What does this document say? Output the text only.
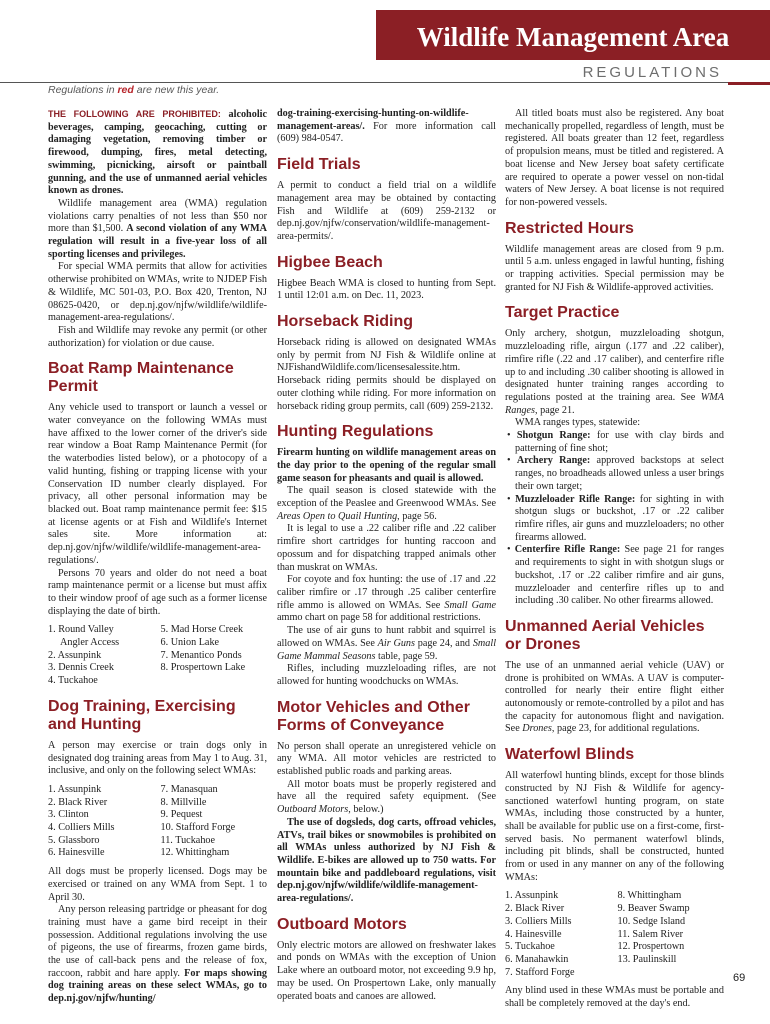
Wildlife Management Area
REGULATIONS
Regulations in red are new this year.

THE FOLLOWING ARE PROHIBITED: alcoholic beverages, camping, geocaching, cutting or damaging vegetation, removing timber or firewood, dumping, fires, metal detecting, swimming, picnicking, airsoft or paintball gunning, and the use of unmanned aerial vehicles known as drones.

Wildlife management area (WMA) regulation violations carry penalties of not less than $50 nor more than $1,500. A second violation of any WMA regulation will result in a five-year loss of all sporting licenses and privileges.

For special WMA permits that allow for activities otherwise prohibited on WMAs, write to NJDEP Fish & Wildlife, MC 501-03, P.O. Box 420, Trenton, NJ 08625-0420, or dep.nj.gov/njfw/wildlife/wildlife-management-area-regulations/.

Fish and Wildlife may revoke any permit (or other authorization) for violation or due cause.

Boat Ramp Maintenance Permit

Any vehicle used to transport or launch a vessel or water conveyance on the following WMAs must have affixed to the lower corner of the driver's side rear window a Boat Ramp Maintenance Permit (for the waterbodies listed below), or a photocopy of a valid hunting, fishing or trapping license with your Conservation ID number clearly displayed. For privacy, all other personal information may be blacked out. Boat ramp maintenance permit fee: $15 at license agents or at Fish and Wildlife's Internet sales site. More information at: dep.nj.gov/njfw/wildlife/wildlife-management-area-regulations/.

Persons 70 years and older do not need a boat ramp maintenance permit or a license but must affix to their window proof of age such as a former license displaying the date of birth.

1. Round Valley
Angler Access
2. Assunpink
3. Dennis Creek
4. Tuckahoe
5. Mad Horse Creek
6. Union Lake
7. Menantico Ponds
8. Prospertown Lake
Dog Training, Exercising and Hunting

A person may exercise or train dogs only in designated dog training areas from May 1 to Aug. 31, inclusive, and only on the following select WMAs:

1. Assunpink
2. Black River
3. Clinton
4. Colliers Mills
5. Glassboro
6. Hainesville
7. Manasquan
8. Millville
9. Pequest
10. Stafford Forge
11. Tuckahoe
12. Whittingham

All dogs must be properly licensed. Dogs may be exercised or trained on any WMA from Sept. 1 to April 30.

Any person releasing partridge or pheasant for dog training must have a game bird receipt in their possession. Additional regulations involving the use of pigeons, the use of firearms, frozen game birds, the use of call-back pens and the release of fox, raccoon, rabbit and hare apply. For maps showing dog training areas on these select WMAs, go to dep.nj.gov/njfw/hunting/

dog-training-exercising-hunting-on-wildlife-management-areas/. For more information call (609) 984-0547.

Field Trials

A permit to conduct a field trial on a wildlife management area may be obtained by contacting Fish and Wildlife at (609) 259-2132 or dep.nj.gov/njfw/conservation/wildlife-management-area-permits/.

Higbee Beach

Higbee Beach WMA is closed to hunting from Sept. 1 until 12:01 a.m. on Dec. 11, 2023.

Horseback Riding

Horseback riding is allowed on designated WMAs only by permit from NJ Fish & Wildlife online at NJFishandWildlife.com/licensesalessite.htm. Horseback riding permits should be displayed on outer clothing while riding. For more information on horseback riding group permits, call (609) 259-2132.

Hunting Regulations

Firearm hunting on wildlife management areas on the day prior to the opening of the regular small game season for pheasants and quail is allowed.

The quail season is closed statewide with the exception of the Peaslee and Greenwood WMAs. See Areas Open to Quail Hunting, page 56.

It is legal to use a .22 caliber rifle and .22 caliber rimfire short cartridges for hunting raccoon and opossum and for dispatching trapped animals other than muskrat on WMAs.

For coyote and fox hunting: the use of .17 and .22 caliber rimfire or .17 through .25 caliber centerfire rifle ammo is allowed on WMAs. See Small Game ammo chart on page 58 for additional restrictions.

The use of air guns to hunt rabbit and squirrel is allowed on WMAs. See Air Guns page 24, and Small Game Mammal Seasons table, page 59.

Rifles, including muzzleloading rifles, are not allowed for hunting woodchucks on WMAs.

Motor Vehicles and Other Forms of Conveyance

No person shall operate an unregistered vehicle on any WMA. All motor vehicles are restricted to established public roads and parking areas.

All motor boats must be properly registered and have all the required safety equipment. (See Outboard Motors, below.)

The use of dogsleds, dog carts, offroad vehicles, ATVs, trail bikes or snowmobiles is prohibited on all WMAs unless authorized by NJ Fish & Wildlife. E-bikes are allowed up to 750 watts. For mountain bike and paddleboard regulations, visit dep.nj.gov/njfw/wildlife/wildlife-management-area-regulations/.

Outboard Motors

Only electric motors are allowed on freshwater lakes and ponds on WMAs with the exception of Union Lake where an outboard motor, not exceeding 9.9 hp, may be used. On Prospertown Lake, only manually operated boats and canoes are allowed.

All titled boats must also be registered. Any boat mechanically propelled, regardless of length, must be registered. All boats greater than 12 feet, regardless of propulsion means, must be titled and registered. A boat license and New Jersey boat safety certificate are required to operate a power vessel on non-tidal waters of New Jersey. A boat license is not required for non-powered vessels.

Restricted Hours

Wildlife management areas are closed from 9 p.m. until 5 a.m. unless engaged in lawful hunting, fishing or trapping activities. Special permission may be granted for NJ Fish & Wildlife-approved activities.

Target Practice

Only archery, shotgun, muzzleloading shotgun, muzzleloading rifle, airgun (.177 and .22 caliber), rimfire rifle (.22 and .17 caliber), and centerfire rifle up to and including .30 caliber shooting is allowed in designated hunter training ranges according to regulations posted at the training area. See WMA Ranges, page 21.

WMA ranges types, statewide:

• Shotgun Range: for use with clay birds and patterning of fine shot;

• Archery Range: approved backstops at select ranges, no broadheads allowed unless a user brings their own target;

• Muzzleloader Rifle Range: for sighting in with shotgun slugs or buckshot, .17 or .22 caliber rimfire rifles, air guns and muzzleloaders; no other firearms allowed.

• Centerfire Rifle Range: See page 21 for ranges and requirements to sight in with shotgun slugs or buckshot, .17 or .22 caliber rimfire and air guns, muzzleloader and centerfire rifles up to and including .30 caliber. No other firearms allowed.

Unmanned Aerial Vehicles or Drones

The use of an unmanned aerial vehicle (UAV) or drone is prohibited on WMAs. A UAV is computer-controlled for nearly their entire flight either autonomously or remote-controlled by a pilot and has the capacity for autonomous flight and navigation. See Drones, page 23, for additional regulations.

Waterfowl Blinds

All waterfowl hunting blinds, except for those blinds constructed by NJ Fish & Wildlife for agency-sanctioned waterfowl hunting program, on state WMAs, including those constructed by a hunter, shall be available for public use on a first-come, first-served basis. No permanent waterfowl blinds, including pit blinds, shall be constructed, hunted from or used in any manner on any of the following WMAs:

1. Assunpink
2. Black River
3. Colliers Mills
4. Hainesville
5. Tuckahoe
6. Manahawkin
7. Stafford Forge
8. Whittingham
9. Beaver Swamp
10. Sedge Island
11. Salem River
12. Prospertown
13. Paulinskill

Any blind used in these WMAs must be portable and shall be completely removed at the day's end.

69
